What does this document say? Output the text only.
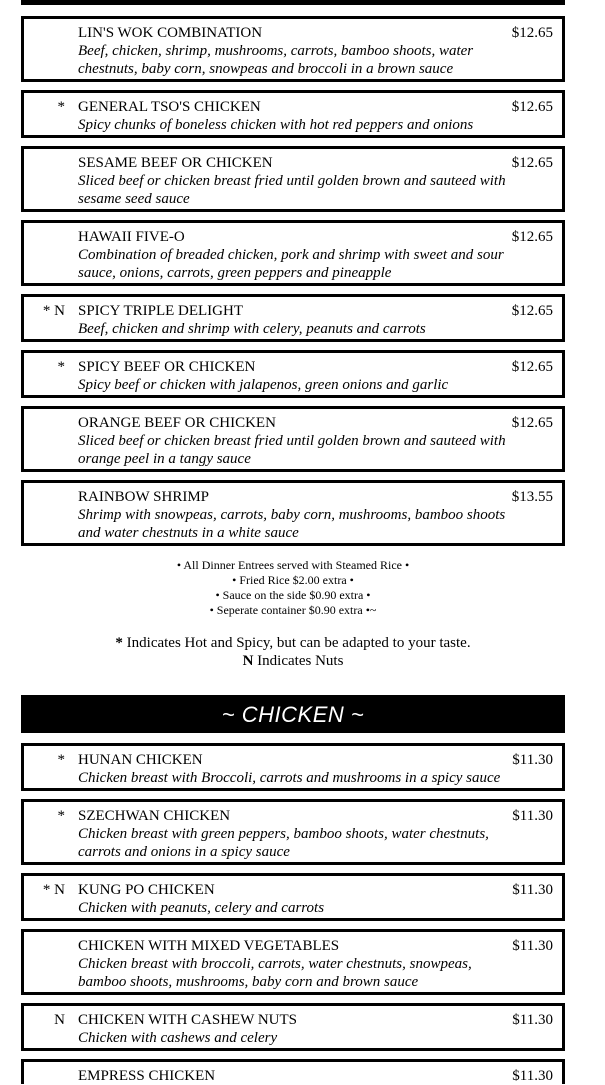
LIN'S WOK COMBINATION	$12.65
Beef, chicken, shrimp, mushrooms, carrots, bamboo shoots, water chestnuts, baby corn, snowpeas and broccoli in a brown sauce
* GENERAL TSO'S CHICKEN	$12.65
Spicy chunks of boneless chicken with hot red peppers and onions
SESAME BEEF OR CHICKEN	$12.65
Sliced beef or chicken breast fried until golden brown and sauteed with sesame seed sauce
HAWAII FIVE-O	$12.65
Combination of breaded chicken, pork and shrimp with sweet and sour sauce, onions, carrots, green peppers and pineapple
* N SPICY TRIPLE DELIGHT	$12.65
Beef, chicken and shrimp with celery, peanuts and carrots
* SPICY BEEF OR CHICKEN	$12.65
Spicy beef or chicken with jalapenos, green onions and garlic
ORANGE BEEF OR CHICKEN	$12.65
Sliced beef or chicken breast fried until golden brown and sauteed with orange peel in a tangy sauce
RAINBOW SHRIMP	$13.55
Shrimp with snowpeas, carrots, baby corn, mushrooms, bamboo shoots and water chestnuts in a white sauce
• All Dinner Entrees served with Steamed Rice •
• Fried Rice $2.00 extra •
• Sauce on the side $0.90 extra •
• Seperate container $0.90 extra •~
* Indicates Hot and Spicy, but can be adapted to your taste.
N Indicates Nuts
~ CHICKEN ~
* HUNAN CHICKEN	$11.30
Chicken breast with Broccoli, carrots and mushrooms in a spicy sauce
* SZECHWAN CHICKEN	$11.30
Chicken breast with green peppers, bamboo shoots, water chestnuts, carrots and onions in a spicy sauce
* N KUNG PO CHICKEN	$11.30
Chicken with peanuts, celery and carrots
CHICKEN WITH MIXED VEGETABLES	$11.30
Chicken breast with broccoli, carrots, water chestnuts, snowpeas, bamboo shoots, mushrooms, baby corn and brown sauce
N CHICKEN WITH CASHEW NUTS	$11.30
Chicken with cashews and celery
EMPRESS CHICKEN	$11.30
